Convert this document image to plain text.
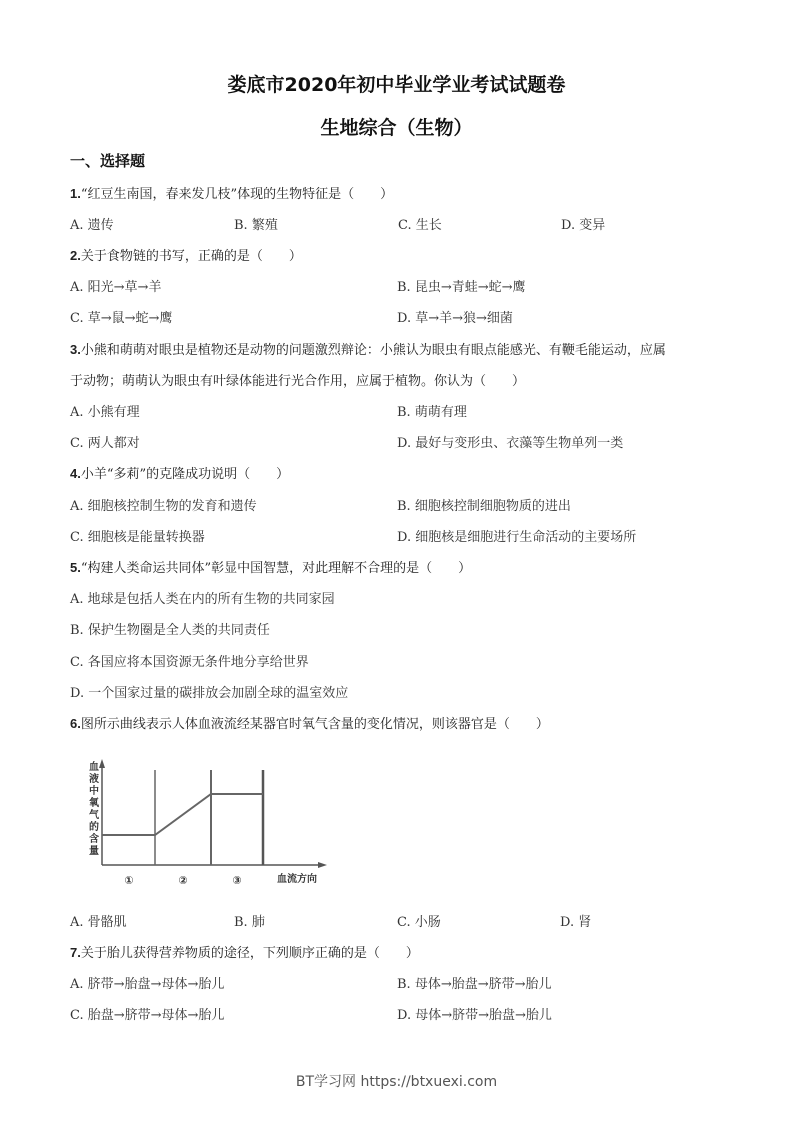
娄底市2020年初中毕业学业考试试题卷
生地综合（生物）
一、选择题
1.“红豆生南国，春来发几枝”体现的生物特征是（　　）
A. 遗传	B. 繁殖	C. 生长	D. 变异
2.关于食物链的书写，正确的是（　　）
A. 阳光→草→羊	B. 昆虫→青蛙→蛇→鹰
C. 草→鼠→蛇→鹰	D. 草→羊→狼→细菌
3.小熊和萌萌对眼虫是植物还是动物的问题激烈辩论：小熊认为眼虫有眼点能感光、有鞭毛能运动，应属
于动物；萌萌认为眼虫有叶绿体能进行光合作用，应属于植物。你认为（　　）
A. 小熊有理	B. 萌萌有理
C. 两人都对	D. 最好与变形虫、衣藻等生物单列一类
4.小羊“多莉”的克隆成功说明（　　）
A. 细胞核控制生物的发育和遗传	B. 细胞核控制细胞物质的进出
C. 细胞核是能量转换器	D. 细胞核是细胞进行生命活动的主要场所
5.“构建人类命运共同体”彰显中国智慧，对此理解不合理的是（　　）
A. 地球是包括人类在内的所有生物的共同家园
B. 保护生物圈是全人类的共同责任
C. 各国应将本国资源无条件地分享给世界
D. 一个国家过量的碳排放会加剧全球的温室效应
6.图所示曲线表示人体血液流经某器官时氧气含量的变化情况，则该器官是（　　）
血
液
中
氧
气
的
含
量
①	②	③	血流方向
A. 骨骼肌	B. 肺	C. 小肠	D. 肾
7.关于胎儿获得营养物质的途径，下列顺序正确的是（　　）
A. 脐带→胎盘→母体→胎儿	B. 母体→胎盘→脐带→胎儿
C. 胎盘→脐带→母体→胎儿	D. 母体→脐带→胎盘→胎儿
BT学习网 https://btxuexi.com
